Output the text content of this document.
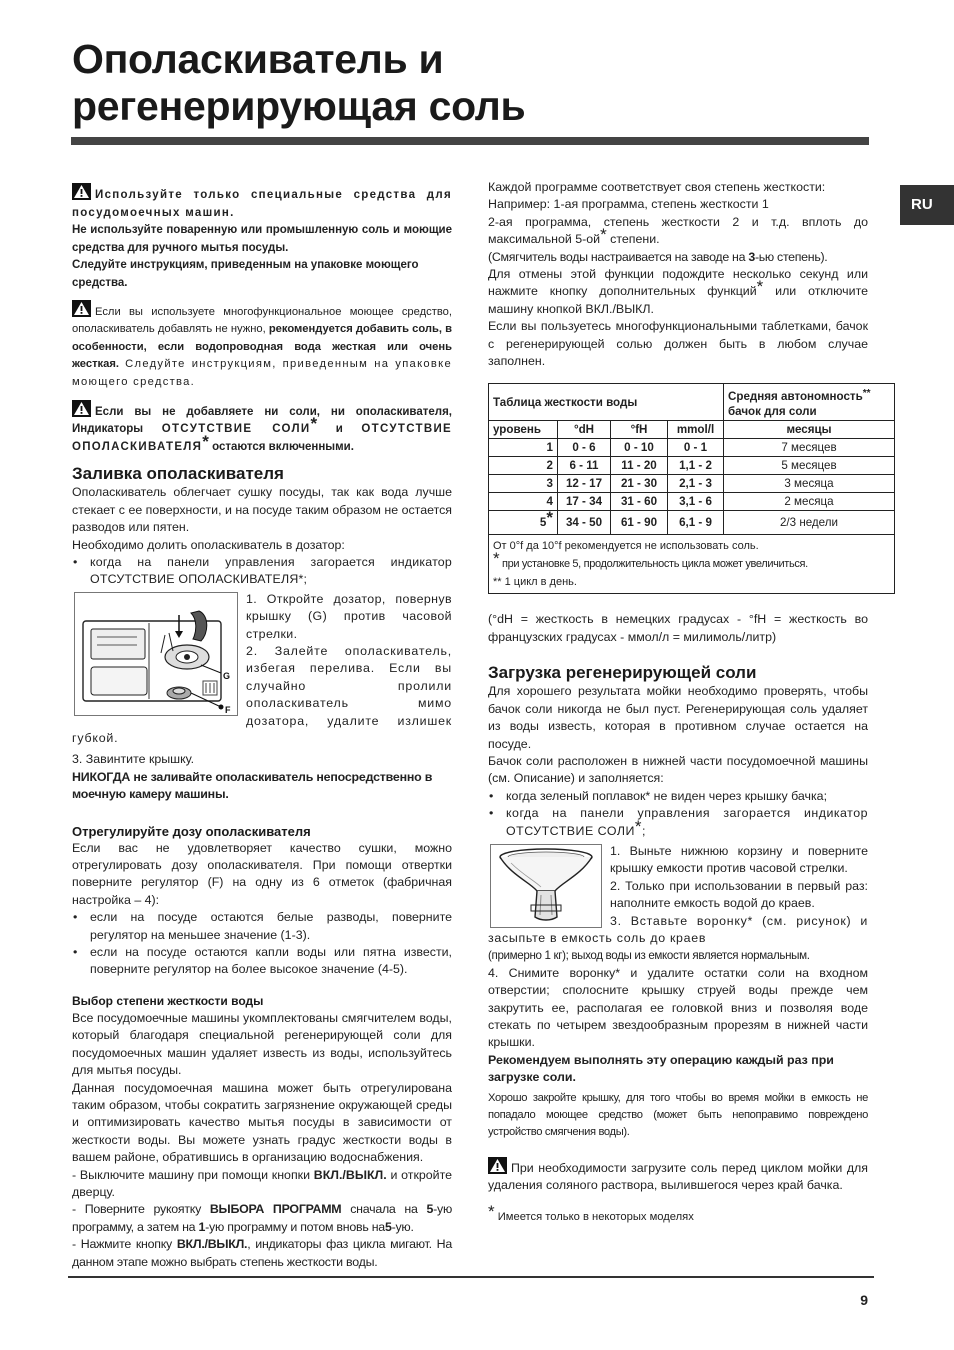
Ополаскиватель и
регенерирующая соль
RU

Используйте только специальные средства для посудомоечных машин.

Не используйте поваренную или промышленную соль и моющие средства для ручного мытья посуды.

Следуйте инструкциям, приведенным на упаковке моющего средства.

Если вы используете многофункциональное моющее средство, ополаскиватель добавлять не нужно, рекомендуется добавить соль, в особенности, если водопроводная вода жесткая или очень жесткая. Следуйте инструкциям, приведенным на упаковке моющего средства.

Если вы не добавляете ни соли, ни ополаскивателя, Индикаторы ОТСУТСТВИЕ СОЛИ* и ОТСУТСТВИЕ ОПОЛАСКИВАТЕЛЯ* остаются включенными.

Заливка ополаскивателя

Ополаскиватель облегчает сушку посуды, так как вода лучше стекает с ее поверхности, и на посуде таким образом не остается разводов или пятен.

Необходимо долить ополаскиватель в дозатор:

• когда на панели управления загорается индикатор ОТСУТСТВИЕ ОПОЛАСКИВАТЕЛЯ*;

G
F

1. Откройте дозатор, повернув крышку (G) против часовой стрелки.

2. Залейте ополаскиватель, избегая перелива. Если вы случайно пролили ополаскиватель мимо дозатора, удалите излишек губкой.

3. Завинтите крышку.

НИКОГДА не заливайте ополаскиватель непосредственно в моечную камеру машины.

Отрегулируйте дозу ополаскивателя

Если вас не удовлетворяет качество сушки, можно отрегулировать дозу ополаскивателя. При помощи отвертки поверните регулятор (F) на одну из 6 отметок (фабричная настройка – 4):

• если на посуде остаются белые разводы, поверните регулятор на меньшее значение (1-3).

• если на посуде остаются капли воды или пятна извести, поверните регулятор на более высокое значение (4-5).

Выбор степени жесткости воды

Все посудомоечные машины укомплектованы смягчителем воды, который благодаря специальной регенерирующей соли для посудомоечных машин удаляет известь из воды, используйтесь для мытья посуды.

Данная посудомоечная машина может быть отрегулирована таким образом, чтобы сократить загрязнение окружающей среды и оптимизировать качество мытья посуды в зависимости от жесткости воды. Вы можете узнать градус жесткости воды в вашем районе, обратившись в организацию водоснабжения.

- Выключите машину при помощи кнопки ВКЛ./ВЫКЛ. и откройте дверцу.

- Поверните рукоятку ВЫБОРА ПРОГРАММ сначала на 5-ую программу, а затем на 1-ую программу и потом вновь на5-ую.

- Нажмите кнопку ВКЛ./ВЫКЛ., индикаторы фаз цикла мигают. На данном этапе можно выбрать степень жесткости воды.

Каждой программе соответствует своя степень жесткости:

Например: 1-ая программа, степень жесткости 1

2-ая программа, степень жесткости 2 и т.д. вплоть до максимальной 5-ой* степени.

(Смягчитель воды настраивается на заводе на 3-ью степень).

Для отмены этой функции подождите несколько секунд или нажмите кнопку дополнительных функций* или отключите машину кнопкой ВКЛ./ВЫКЛ.

Если вы пользуетесь многофункциональными таблетками, бачок с регенерирующей солью должен быть в любом случае заполнен.

Таблица жесткости воды				Средняя автономность**
бачок для соли
уровень	°dH	°fH	mmol/l	месяцы
1	0 - 6	0 - 10	0 - 1	7 месяцев
2	6 - 11	11 - 20	1,1 - 2	5 месяцев
3	12 - 17	21 - 30	2,1 - 3	3 месяца
4	17 - 34	31 - 60	3,1 - 6	2 месяца
5*	34 - 50	61 - 90	6,1 - 9	2/3 недели

От 0°f да 10°f рекомендуется не использовать соль.
* при установке 5, продолжительность цикла может увеличиться.
** 1 цикл в день.				

(°dH = жесткость в немецких градусах - °fH = жесткость во французских градусах - ммол/л = милимоль/литр)

Загрузка регенерирующей соли

Для хорошего результата мойки необходимо проверять, чтобы бачок соли никогда не был пуст. Регенерирующая соль удаляет из воды известь, которая в противном случае остается на посуде.

Бачок соли расположен в нижней части посудомоечной машины (см. Описание) и заполняется:

• когда зеленый поплавок* не виден через крышку бачка;

• когда на панели управления загорается индикатор ОТСУТСТВИЕ СОЛИ*;

1. Выньте нижнюю корзину и поверните крышку емкости против часовой стрелки.

2. Только при использовании в первый раз: наполните емкость водой до краев.

3. Вставьте воронку* (см. рисунок) и засыпьте в емкость соль до краев

(примерно 1 кг); выход воды из емкости является нормальным.

4. Снимите воронку* и удалите остатки соли на входном отверстии; сполосните крышку струей воды прежде чем закрутить ее, располагая ее головкой вниз и позволяя воде стекать по четырем звездообразным прорезям в нижней части крышки.

Рекомендуем выполнять эту операцию каждый раз при загрузке соли.

Хорошо закройте крышку, для того чтобы во время мойки в емкость не попадало моющее средство (может быть непоправимо повреждено устройство смягчения воды).

При необходимости загрузите соль перед циклом мойки для удаления соляного раствора, вылившегося через край бачка.

* Имеется только в некоторых моделях

9
